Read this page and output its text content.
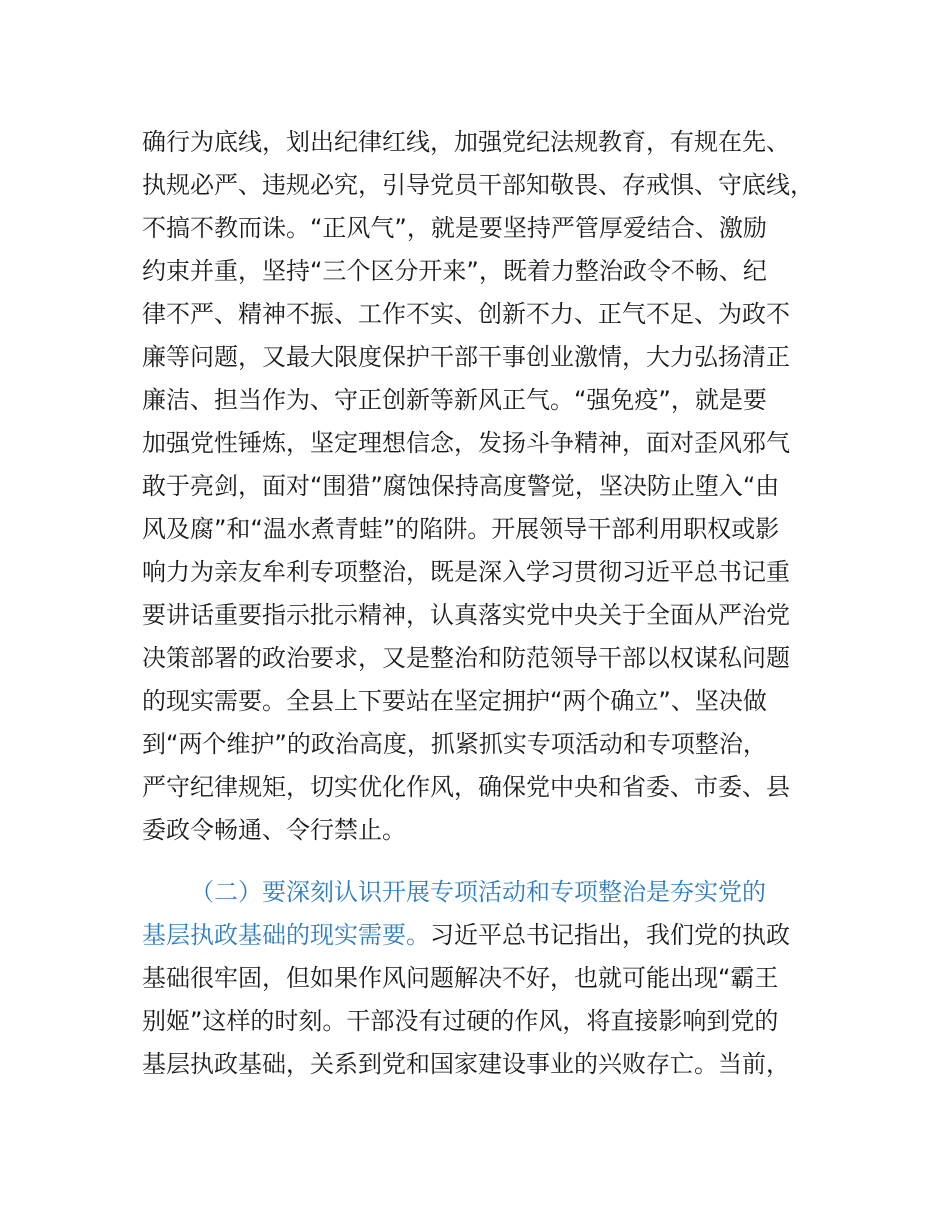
确行为底线，划出纪律红线，加强党纪法规教育，有规在先、
执规必严、违规必究，引导党员干部知敬畏、存戒惧、守底线，
不搞不教而诛。“正风气”，就是要坚持严管厚爱结合、激励
约束并重，坚持“三个区分开来”，既着力整治政令不畅、纪
律不严、精神不振、工作不实、创新不力、正气不足、为政不
廉等问题，又最大限度保护干部干事创业激情，大力弘扬清正
廉洁、担当作为、守正创新等新风正气。“强免疫”，就是要
加强党性锤炼，坚定理想信念，发扬斗争精神，面对歪风邪气
敢于亮剑，面对“围猎”腐蚀保持高度警觉，坚决防止堕入“由
风及腐”和“温水煮青蛙”的陷阱。开展领导干部利用职权或影
响力为亲友牟利专项整治，既是深入学习贯彻习近平总书记重
要讲话重要指示批示精神，认真落实党中央关于全面从严治党
决策部署的政治要求，又是整治和防范领导干部以权谋私问题
的现实需要。全县上下要站在坚定拥护“两个确立”、坚决做
到“两个维护”的政治高度，抓紧抓实专项活动和专项整治，
严守纪律规矩，切实优化作风，确保党中央和省委、市委、县
委政令畅通、令行禁止。
（二）要深刻认识开展专项活动和专项整治是夯实党的
基层执政基础的现实需要。习近平总书记指出，我们党的执政
基础很牢固，但如果作风问题解决不好，也就可能出现“霸王
别姬”这样的时刻。干部没有过硬的作风，将直接影响到党的
基层执政基础，关系到党和国家建设事业的兴败存亡。当前，
